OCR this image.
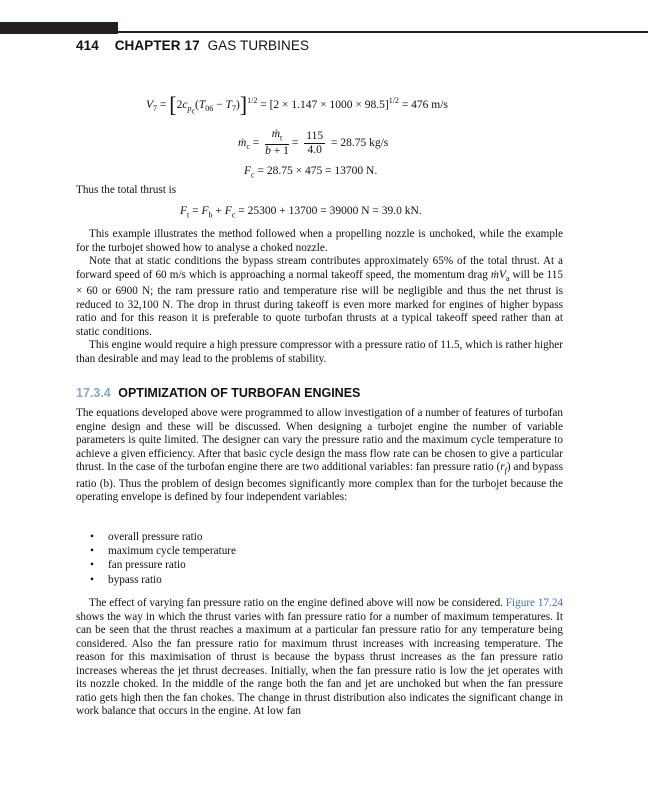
414 CHAPTER 17 GAS TURBINES
$V_7 = [2c_{p_c}(T_{06} - T_7)]^{1/2} = [2 \times 1.147 \times 1000 \times 98.5]^{1/2} = 476$ m/s
ṁ$_c$ = $\frac{ṁ_t}{b + 1} = \frac{115}{4.0} = 28.75$ kg/s
$F_c = 28.75 \times 475 = 13700$ N.

Thus the total thrust is

$F_t = F_b + F_c = 25300 + 13700 = 39000$ N = 39.0 kN.

This example illustrates the method followed when a propelling nozzle is unchoked, while the example for the turbojet showed how to analyse a choked nozzle.

Note that at static conditions the bypass stream contributes approximately 65% of the total thrust. At a forward speed of 60 m/s which is approaching a normal takeoff speed, the momentum drag ṁV$_a$ will be 115 × 60 or 6900 N; the ram pressure ratio and temperature rise will be negligible and thus the net thrust is reduced to 32,100 N. The drop in thrust during takeoff is even more marked for engines of higher bypass ratio and for this reason it is preferable to quote turbofan thrusts at a typical takeoff speed rather than at static conditions.

This engine would require a high pressure compressor with a pressure ratio of 11.5, which is rather higher than desirable and may lead to the problems of stability.

17.3.4 OPTIMIZATION OF TURBOFAN ENGINES

The equations developed above were programmed to allow investigation of a number of features of turbofan engine design and these will be discussed. When designing a turbojet engine the number of variable parameters is quite limited. The designer can vary the pressure ratio and the maximum cycle temperature to achieve a given efficiency. After that basic cycle design the mass flow rate can be chosen to give a particular thrust. In the case of the turbofan engine there are two additional variables: fan pressure ratio $(r_f)$ and bypass ratio (b). Thus the problem of design becomes significantly more complex than for the turbojet because the operating envelope is defined by four independent variables:

• overall pressure ratio
• maximum cycle temperature
• fan pressure ratio
• bypass ratio

The effect of varying fan pressure ratio on the engine defined above will now be considered. Figure 17.24 shows the way in which the thrust varies with fan pressure ratio for a number of maximum temperatures. It can be seen that the thrust reaches a maximum at a particular fan pressure ratio for any temperature being considered. Also the fan pressure ratio for maximum thrust increases with increasing temperature. The reason for this maximisation of thrust is because the bypass thrust increases as the fan pressure ratio increases whereas the jet thrust decreases. Initially, when the fan pressure ratio is low the jet operates with its nozzle choked. In the middle of the range both the fan and jet are unchoked but when the fan pressure ratio gets high then the fan chokes. The change in thrust distribution also indicates the significant change in work balance that occurs in the engine. At low fan
